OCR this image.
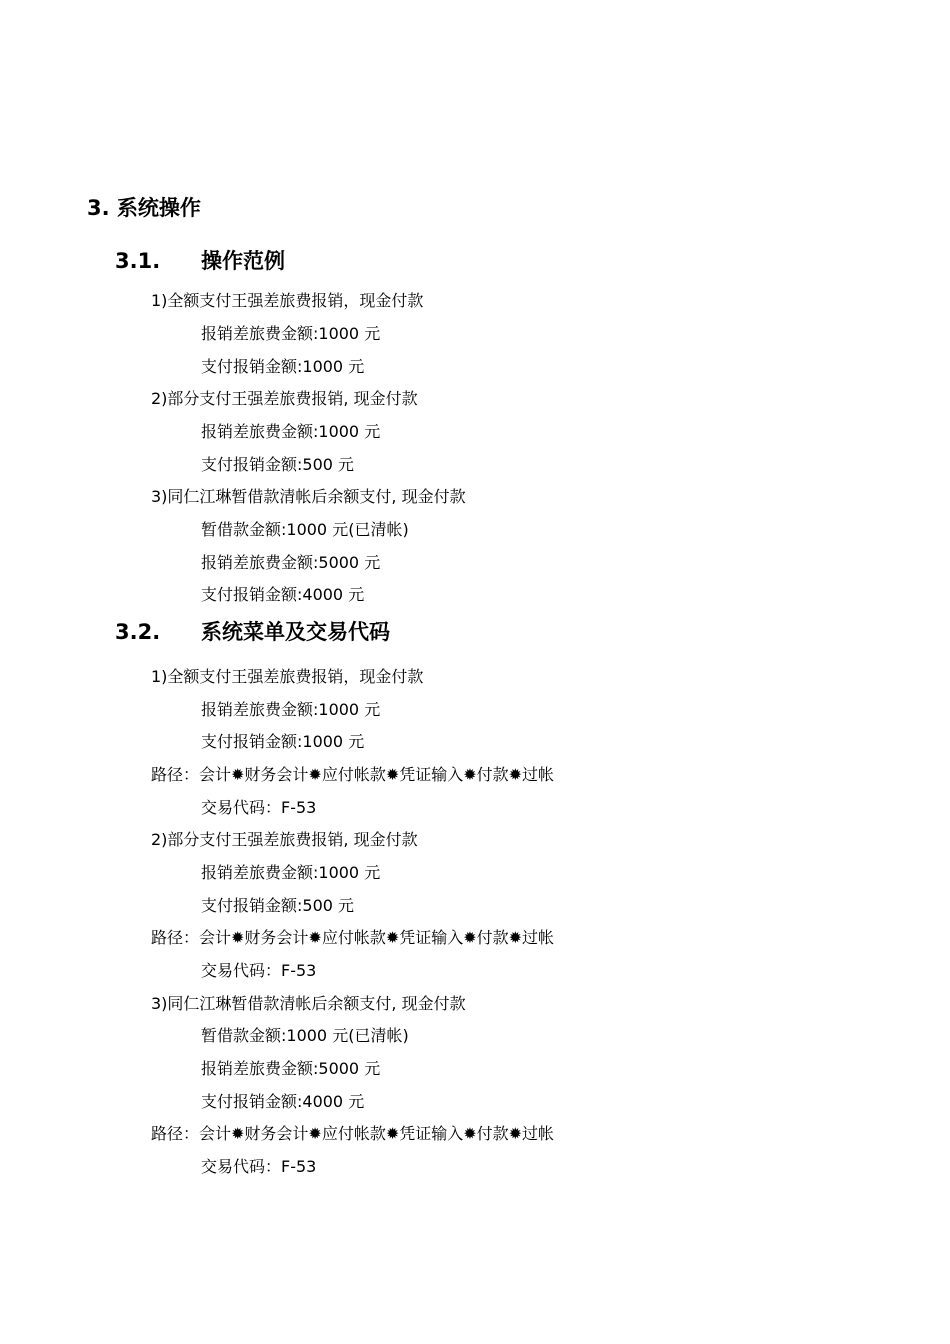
3. 系统操作
3.1. 操作范例
1)全额支付王强差旅费报销，现金付款
报销差旅费金额:1000 元
支付报销金额:1000 元
2)部分支付王强差旅费报销, 现金付款
报销差旅费金额:1000 元
支付报销金额:500 元
3)同仁江琳暂借款清帐后余额支付, 现金付款
暂借款金额:1000 元(已清帐)
报销差旅费金额:5000 元
支付报销金额:4000 元
3.2. 系统菜单及交易代码
1)全额支付王强差旅费报销，现金付款
报销差旅费金额:1000 元
支付报销金额:1000 元
路径：会计✹财务会计✹应付帐款✹凭证输入✹付款✹过帐
交易代码：F-53
2)部分支付王强差旅费报销, 现金付款
报销差旅费金额:1000 元
支付报销金额:500 元
路径：会计✹财务会计✹应付帐款✹凭证输入✹付款✹过帐
交易代码：F-53
3)同仁江琳暂借款清帐后余额支付, 现金付款
暂借款金额:1000 元(已清帐)
报销差旅费金额:5000 元
支付报销金额:4000 元
路径：会计✹财务会计✹应付帐款✹凭证输入✹付款✹过帐
交易代码：F-53
